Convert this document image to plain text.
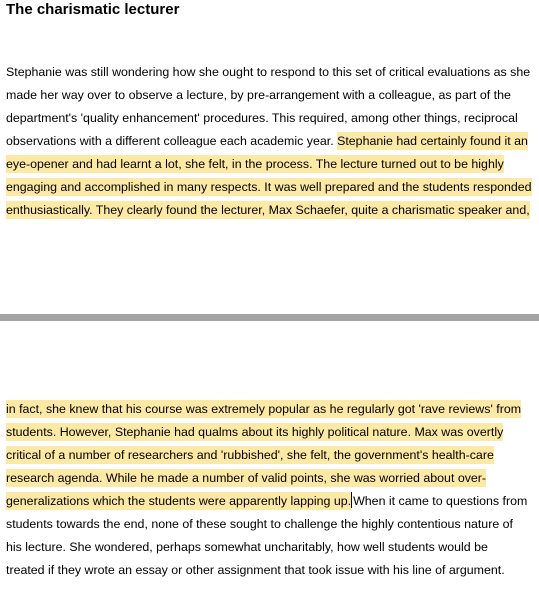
The charismatic lecturer
Stephanie was still wondering how she ought to respond to this set of critical evaluations as she
made her way over to observe a lecture, by pre-arrangement with a colleague, as part of the
department's 'quality enhancement' procedures. This required, among other things, reciprocal
observations with a different colleague each academic year. Stephanie had certainly found it an
eye-opener and had learnt a lot, she felt, in the process. The lecture turned out to be highly
engaging and accomplished in many respects. It was well prepared and the students responded
enthusiastically. They clearly found the lecturer, Max Schaefer, quite a charismatic speaker and,
in fact, she knew that his course was extremely popular as he regularly got 'rave reviews' from
students. However, Stephanie had qualms about its highly political nature. Max was overtly
critical of a number of researchers and 'rubbished', she felt, the government's health-care
research agenda. While he made a number of valid points, she was worried about over-
generalizations which the students were apparently lapping up. When it came to questions from
students towards the end, none of these sought to challenge the highly contentious nature of
his lecture. She wondered, perhaps somewhat uncharitably, how well students would be
treated if they wrote an essay or other assignment that took issue with his line of argument.
